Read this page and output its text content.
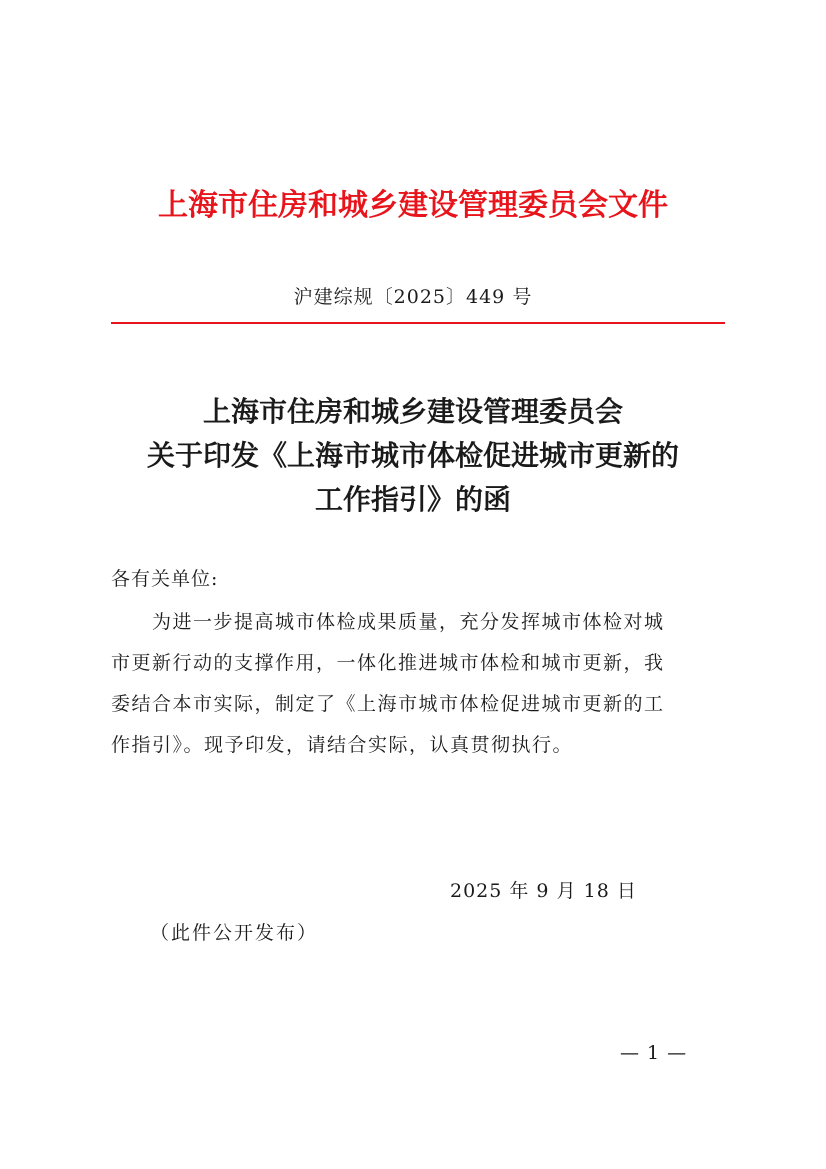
上海市住房和城乡建设管理委员会文件
沪建综规〔2025〕449 号
上海市住房和城乡建设管理委员会
关于印发《上海市城市体检促进城市更新的
工作指引》的函
各有关单位:
为进一步提高城市体检成果质量，充分发挥城市体检对城
市更新行动的支撑作用，一体化推进城市体检和城市更新，我
委结合本市实际，制定了《上海市城市体检促进城市更新的工
作指引》。现予印发，请结合实际，认真贯彻执行。
2025 年 9 月 18 日
（此件公开发布）
— 1 —
